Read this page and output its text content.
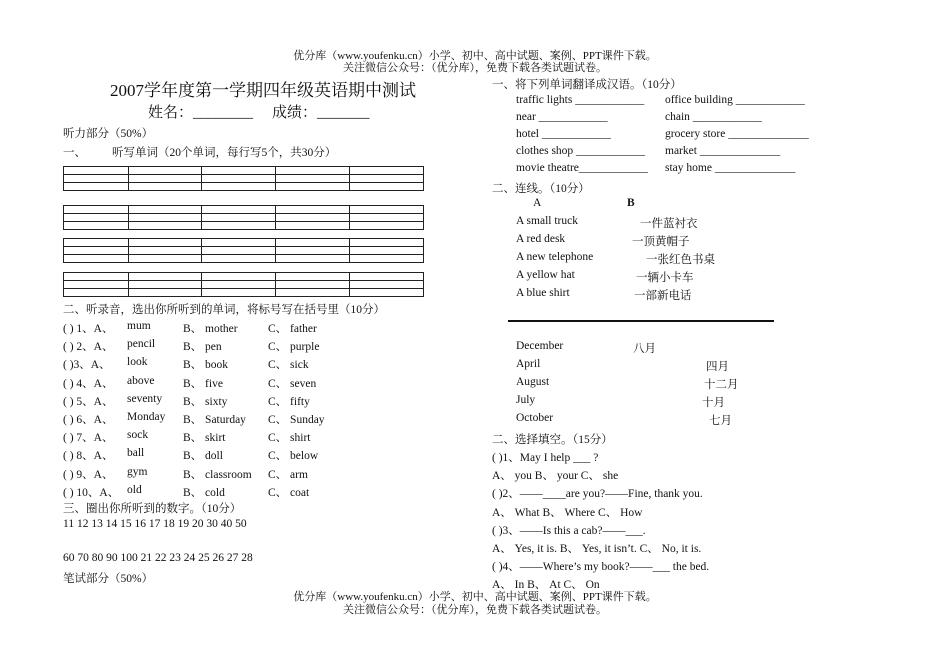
优分库（www.youfenku.cn）小学、初中、高中试题、案例、PPT课件下载。
关注微信公众号：（优分库），免费下载各类试题试卷。
2007学年度第一学期四年级英语期中测试
姓名：________ 成绩：_______
听力部分（50%）
一、 听写单词（20个单词，每行写5个，共30分）

二、听录音，选出你所听到的单词，将标号写在括号里（10分）
( ) 1、A、 mum	B、 mother	C、 father
( ) 2、A、 pencil B、 pen	C、 purple
( )3、A、 look	B、 book	C、 sick
( ) 4、A、 above B、 five	C、 seven
( ) 5、A、 seventy B、 sixty	C、 fifty
( ) 6、A、 Monday B、 Saturday C、 Sunday
( ) 7、A、 sock	B、 skirt	C、 shirt
( ) 8、A、 ball	B、 doll	C、 below
( ) 9、A、 gym	B、 classroom C、 arm
( ) 10、A、 old	B、 cold	C、 coat
三、圈出你所听到的数字。（10分）
11 12 13 14 15 16 17 18 19 20 30 40 50
60 70 80 90 100 21 22 23 24 25 26 27 28
笔试部分（50%）
一、将下列单词翻译成汉语。（10分）
traffic lights ____________ office building ____________
near ____________	chain ____________
hotel ____________	grocery store ______________
clothes shop ____________ market ______________
movie theatre____________ stay home ______________
二、连线。（10分）
A	B
A small truck	一件蓝衬衣
A red desk	一顶黄帽子
A new telephone	一张红色书桌
A yellow hat	一辆小卡车
A blue shirt	一部新电话
December	八月
April	四月
August	十二月
July	十月
October	七月
二、选择填空。（15分）
( )1、May I help ___ ?
A、 you B、 your C、 she
( )2、——____are you?——Fine, thank you.
A、 What B、 Where C、 How
( )3、——Is this a cab?——___.
A、 Yes, it is. B、 Yes, it isn’t. C、 No, it is.
( )4、——Where’s my book?——___ the bed.
A、 In B、 At C、 On
优分库（www.youfenku.cn）小学、初中、高中试题、案例、PPT课件下载。
关注微信公众号：（优分库），免费下载各类试题试卷。
